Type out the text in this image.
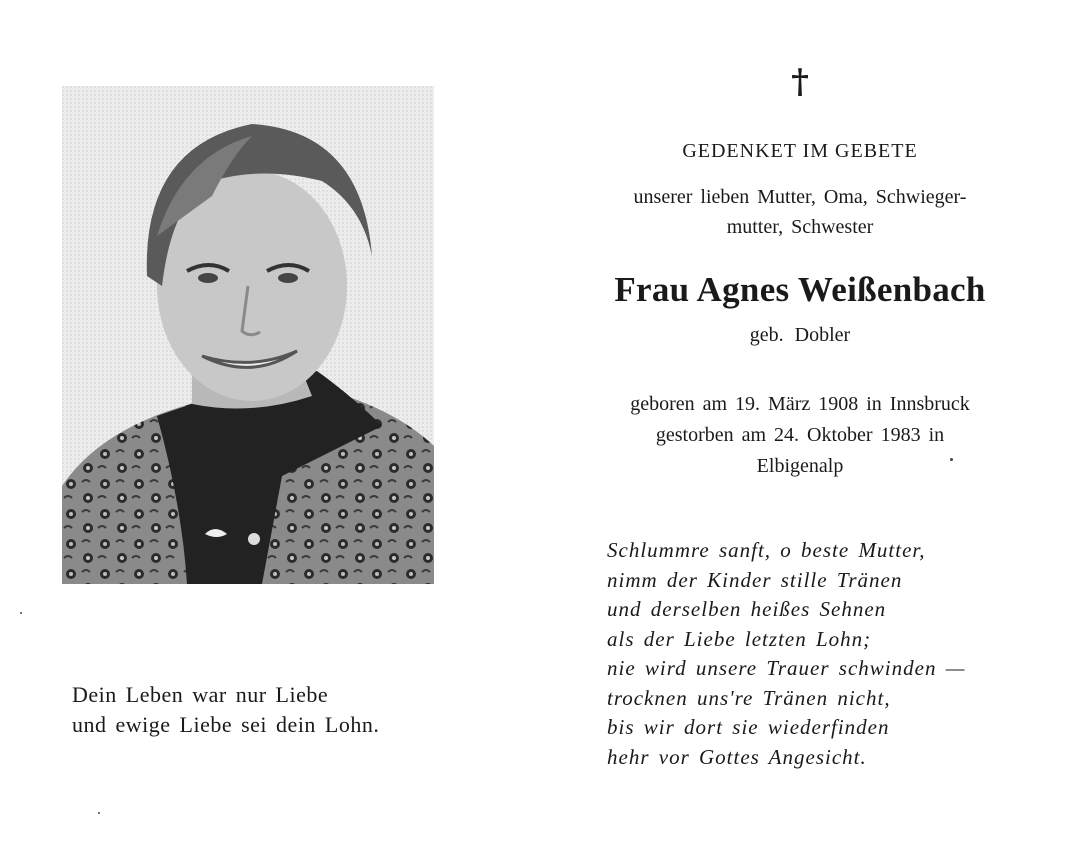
Dein Leben war nur Liebe
und ewige Liebe sei dein Lohn.
†
GEDENKET IM GEBETE
unserer lieben Mutter, Oma, Schwieger-
mutter, Schwester
Frau Agnes Weißenbach
geb. Dobler
geboren am 19. März 1908 in Innsbruck
gestorben am 24. Oktober 1983 in
Elbigenalp
Schlummre sanft, o beste Mutter,
nimm der Kinder stille Tränen
und derselben heißes Sehnen
als der Liebe letzten Lohn;
nie wird unsere Trauer schwinden —
trocknen uns're Tränen nicht,
bis wir dort sie wiederfinden
hehr vor Gottes Angesicht.
